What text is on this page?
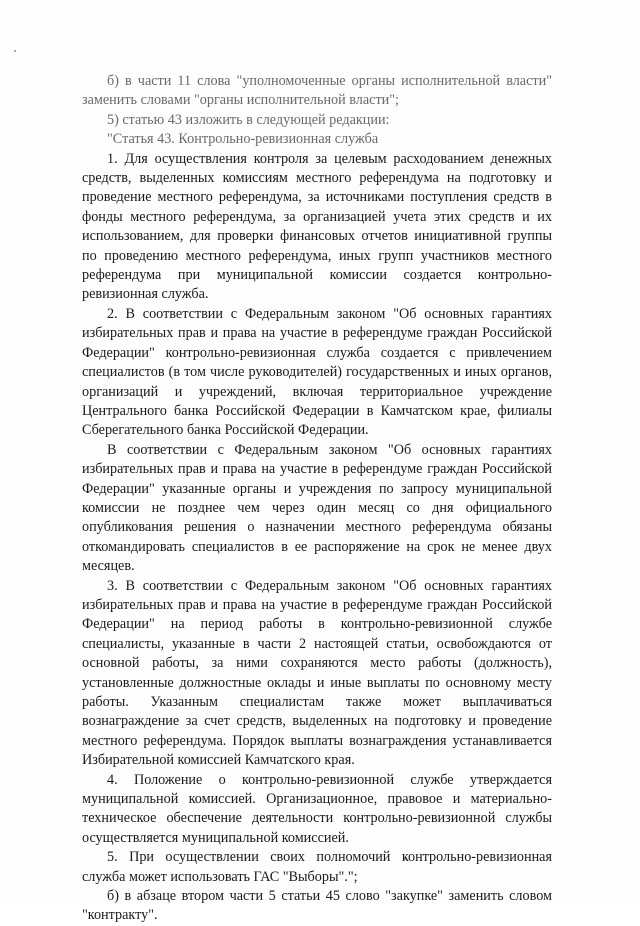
б) в части 11 слова "уполномоченные органы исполнительной власти" заменить словами "органы исполнительной власти";

5) статью 43 изложить в следующей редакции:

"Статья 43. Контрольно-ревизионная служба

1. Для осуществления контроля за целевым расходованием денежных средств, выделенных комиссиям местного референдума на подготовку и проведение местного референдума, за источниками поступления средств в фонды местного референдума, за организацией учета этих средств и их использованием, для проверки финансовых отчетов инициативной группы по проведению местного референдума, иных групп участников местного референдума при муниципальной комиссии создается контрольно-ревизионная служба.

2. В соответствии с Федеральным законом "Об основных гарантиях избирательных прав и права на участие в референдуме граждан Российской Федерации" контрольно-ревизионная служба создается с привлечением специалистов (в том числе руководителей) государственных и иных органов, организаций и учреждений, включая территориальное учреждение Центрального банка Российской Федерации в Камчатском крае, филиалы Сберегательного банка Российской Федерации.

В соответствии с Федеральным законом "Об основных гарантиях избирательных прав и права на участие в референдуме граждан Российской Федерации" указанные органы и учреждения по запросу муниципальной комиссии не позднее чем через один месяц со дня официального опубликования решения о назначении местного референдума обязаны откомандировать специалистов в ее распоряжение на срок не менее двух месяцев.

3. В соответствии с Федеральным законом "Об основных гарантиях избирательных прав и права на участие в референдуме граждан Российской Федерации" на период работы в контрольно-ревизионной службе специалисты, указанные в части 2 настоящей статьи, освобождаются от основной работы, за ними сохраняются место работы (должность), установленные должностные оклады и иные выплаты по основному месту работы. Указанным специалистам также может выплачиваться вознаграждение за счет средств, выделенных на подготовку и проведение местного референдума. Порядок выплаты вознаграждения устанавливается Избирательной комиссией Камчатского края.

4. Положение о контрольно-ревизионной службе утверждается муниципальной комиссией. Организационное, правовое и материально-техническое обеспечение деятельности контрольно-ревизионной службы осуществляется муниципальной комиссией.

5. При осуществлении своих полномочий контрольно-ревизионная служба может использовать ГАС "Выборы".";

б) в абзаце втором части 5 статьи 45 слово "закупке" заменить словом "контракту".
